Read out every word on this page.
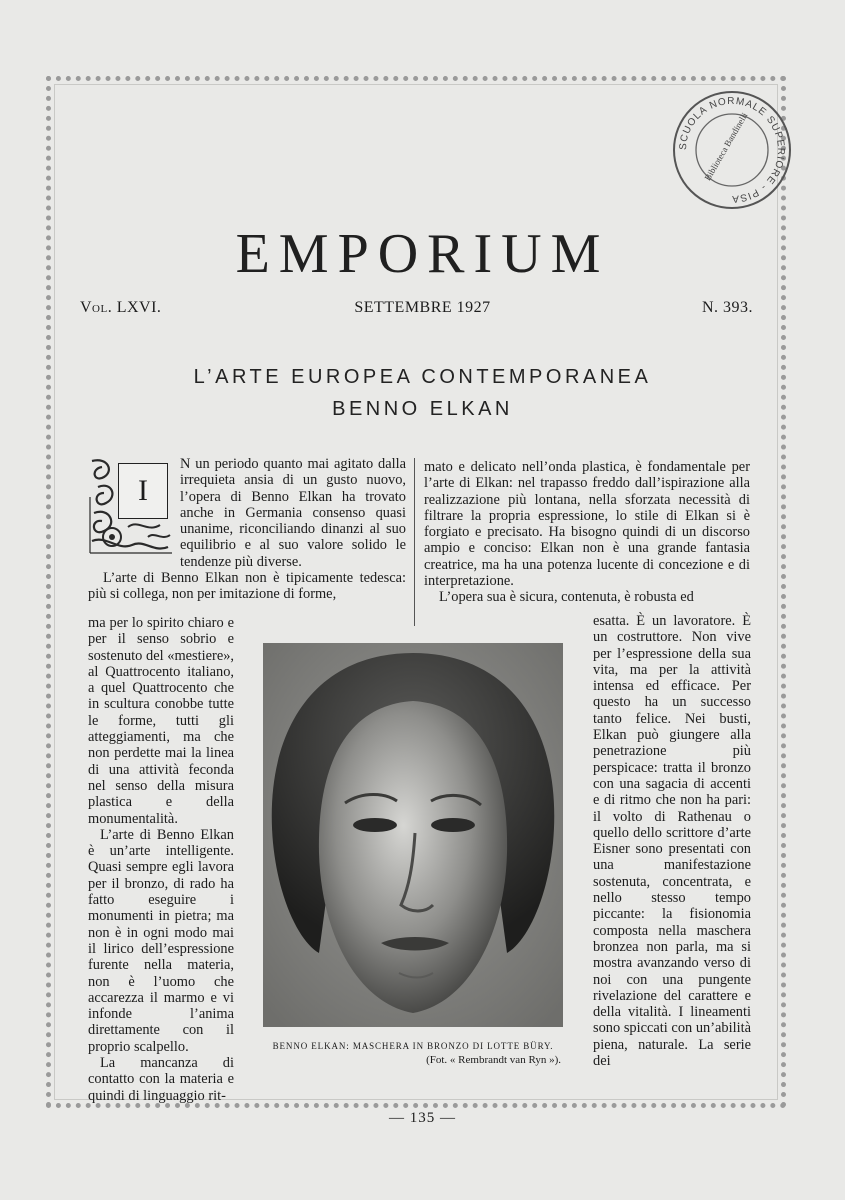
SCUOLA NORMALE SUPERIORE - PISA
Biblioteca Bandinelli
EMPORIUM
Vol. LXVI.	SETTEMBRE 1927	N. 393.
L’ARTE EUROPEA CONTEMPORANEA
BENNO ELKAN
I

N un periodo quanto mai agitato dalla irrequieta ansia di un gusto nuovo, l’opera di Benno Elkan ha trovato anche in Germania consenso quasi unanime, riconciliando dinanzi al suo equilibrio e al suo valore solido le tendenze più diverse.

L’arte di Benno Elkan non è tipicamente tedesca: più si collega, non per imitazione di forme,

mato e delicato nell’onda plastica, è fondamentale per l’arte di Elkan: nel trapasso freddo dall’ispirazione alla realizzazione più lontana, nella sforzata necessità di filtrare la propria espressione, lo stile di Elkan si è forgiato e precisato. Ha bisogno quindi di un discorso ampio e conciso: Elkan non è una grande fantasia creatrice, ma ha una potenza lucente di concezione e di interpretazione.

L’opera sua è sicura, contenuta, è robusta ed

ma per lo spirito chiaro e per il senso sobrio e sostenuto del «mestiere», al Quattrocento italiano, a quel Quattrocento che in scultura conobbe tutte le forme, tutti gli atteggiamenti, ma che non perdette mai la linea di una attività feconda nel senso della misura plastica e della monumentalità.

L’arte di Benno Elkan è un’arte intelligente. Quasi sempre egli lavora per il bronzo, di rado ha fatto eseguire i monumenti in pietra; ma non è in ogni modo mai il lirico dell’espressione furente nella materia, non è l’uomo che accarezza il marmo e vi infonde l’anima direttamente con il proprio scalpello.

La mancanza di contatto con la materia e quindi di linguaggio rit-

esatta. È un lavoratore. È un costruttore. Non vive per l’espressione della sua vita, ma per la attività intensa ed efficace. Per questo ha un successo tanto felice. Nei busti, Elkan può giungere alla penetrazione più perspicace: tratta il bronzo con una sagacia di accenti e di ritmo che non ha pari: il volto di Rathenau o quello dello scrittore d’arte Eisner sono presentati con una manifestazione sostenuta, concentrata, e nello stesso tempo piccante: la fisionomia composta nella maschera bronzea non parla, ma si mostra avanzando verso di noi con una pungente rivelazione del carattere e della vitalità. I lineamenti sono spiccati con un’abilità piena, naturale. La serie dei

BENNO ELKAN: MASCHERA IN BRONZO DI LOTTE BÜRY.
(Fot. « Rembrandt van Ryn »).
— 135 —
